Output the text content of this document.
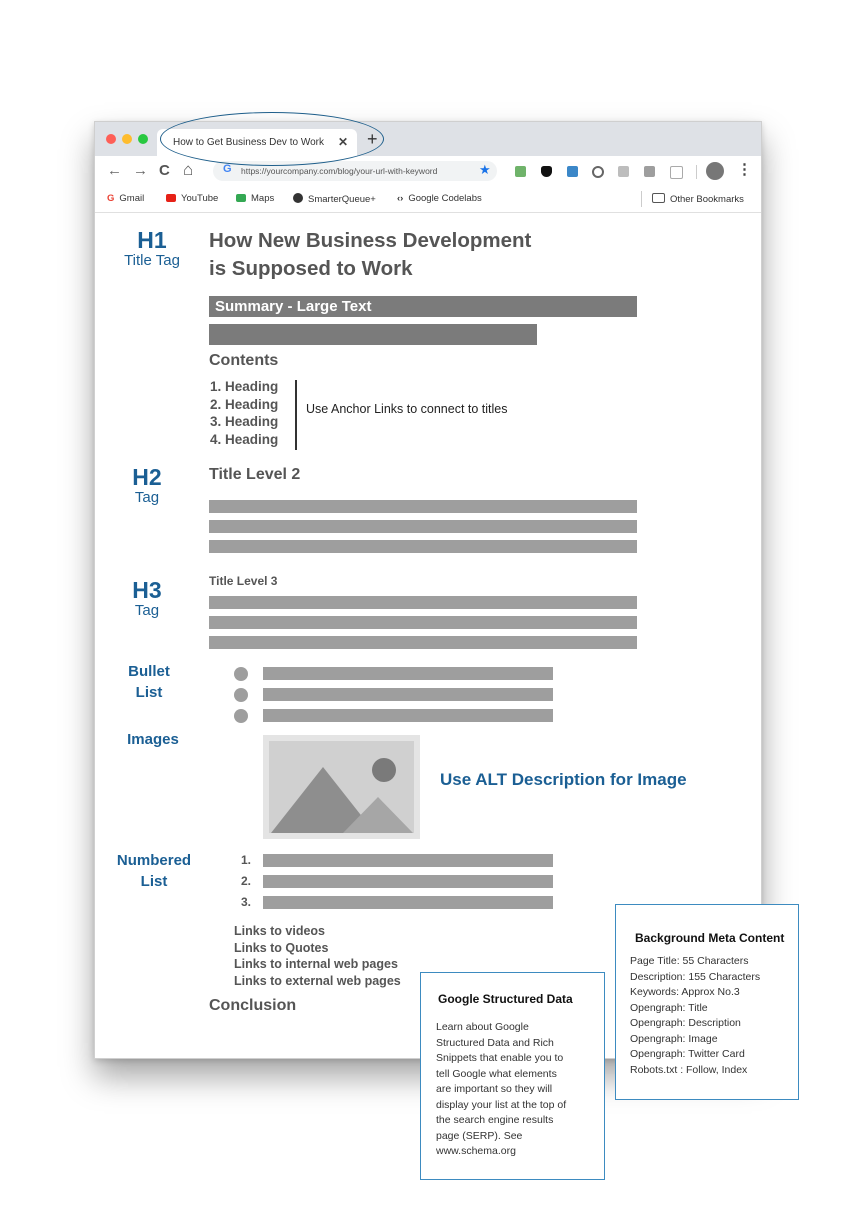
How to Get Business Dev to Work ✕ +
← → C ⌂	G https://yourcompany.com/blog/your-url-with-keyword	★	⋮
G Gmail	YouTube	Maps	SmarterQueue+ ‹› Google Codelabs	Other Bookmarks
H1
Title Tag
H2
Tag
H3
Tag
Bullet
List
Images
Numbered
List
How New Business Development
is Supposed to Work
Summary - Large Text
Contents
1. Heading
2. Heading
3. Heading
4. Heading
Use Anchor Links to connect to titles
Title Level 2
Title Level 3
Use ALT Description for Image
1.
2.
3.
Links to videos
Links to Quotes
Links to internal web pages
Links to external web pages
Conclusion	Google Structured Data
Learn about Google
Structured Data and Rich
Snippets that enable you to
tell Google what elements
are important so they will
display your list at the top of
the search engine results
page (SERP). See
www.schema.org
Background Meta Content
Page Title: 55 Characters
Description: 155 Characters
Keywords: Approx No.3
Opengraph: Title
Opengraph: Description
Opengraph: Image
Opengraph: Twitter Card
Robots.txt : Follow, Index
